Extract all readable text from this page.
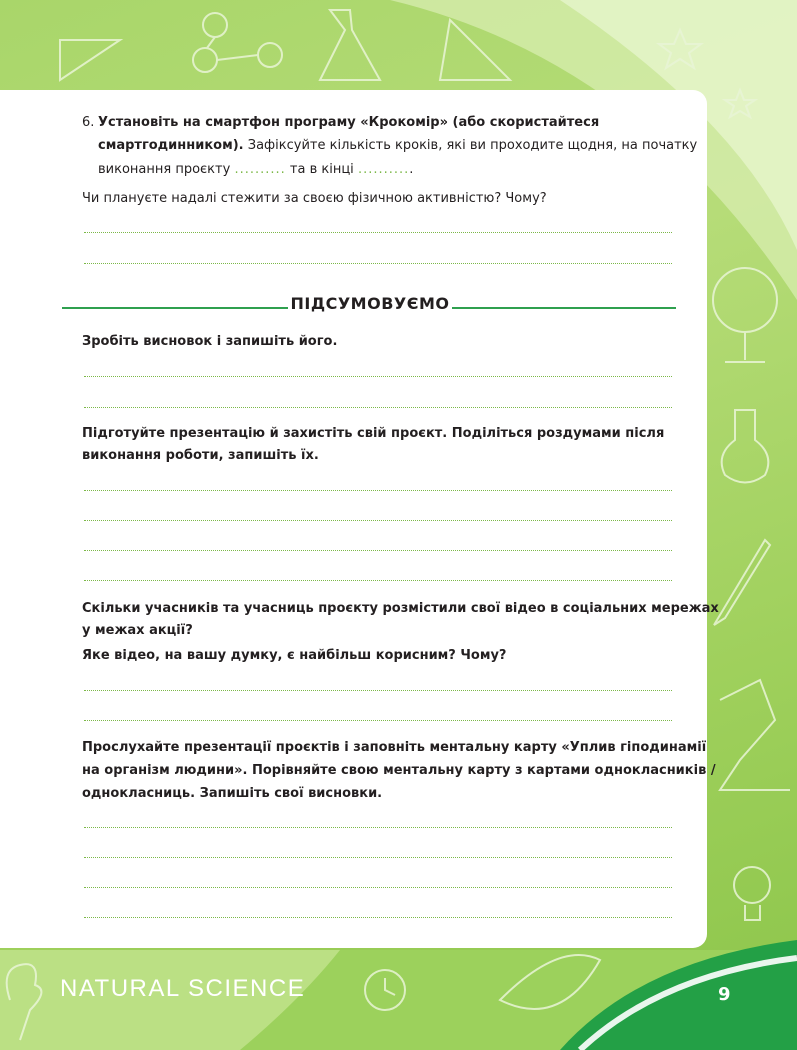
6. Установіть на смартфон програму «Крокомір» (або скористайтеся
смартгодинником). Зафіксуйте кількість кроків, які ви проходите щодня, на початку
виконання проєкту .......... та в кінці ...........
Чи плануєте надалі стежити за своєю фізичною активністю? Чому?
ПІДСУМОВУЄМО
Зробіть висновок і запишіть його.
Підготуйте презентацію й захистіть свій проєкт. Поділіться роздумами після
виконання роботи, запишіть їх.
Скільки учасників та учасниць проєкту розмістили свої відео в соціальних мережах
у межах акції?
Яке відео, на вашу думку, є найбільш корисним? Чому?
Прослухайте презентації проєктів і заповніть ментальну карту «Уплив гіподинамії
на організм людини». Порівняйте свою ментальну карту з картами однокласників /
однокласниць. Запишіть свої висновки.
NATURAL SCIENCE	9
